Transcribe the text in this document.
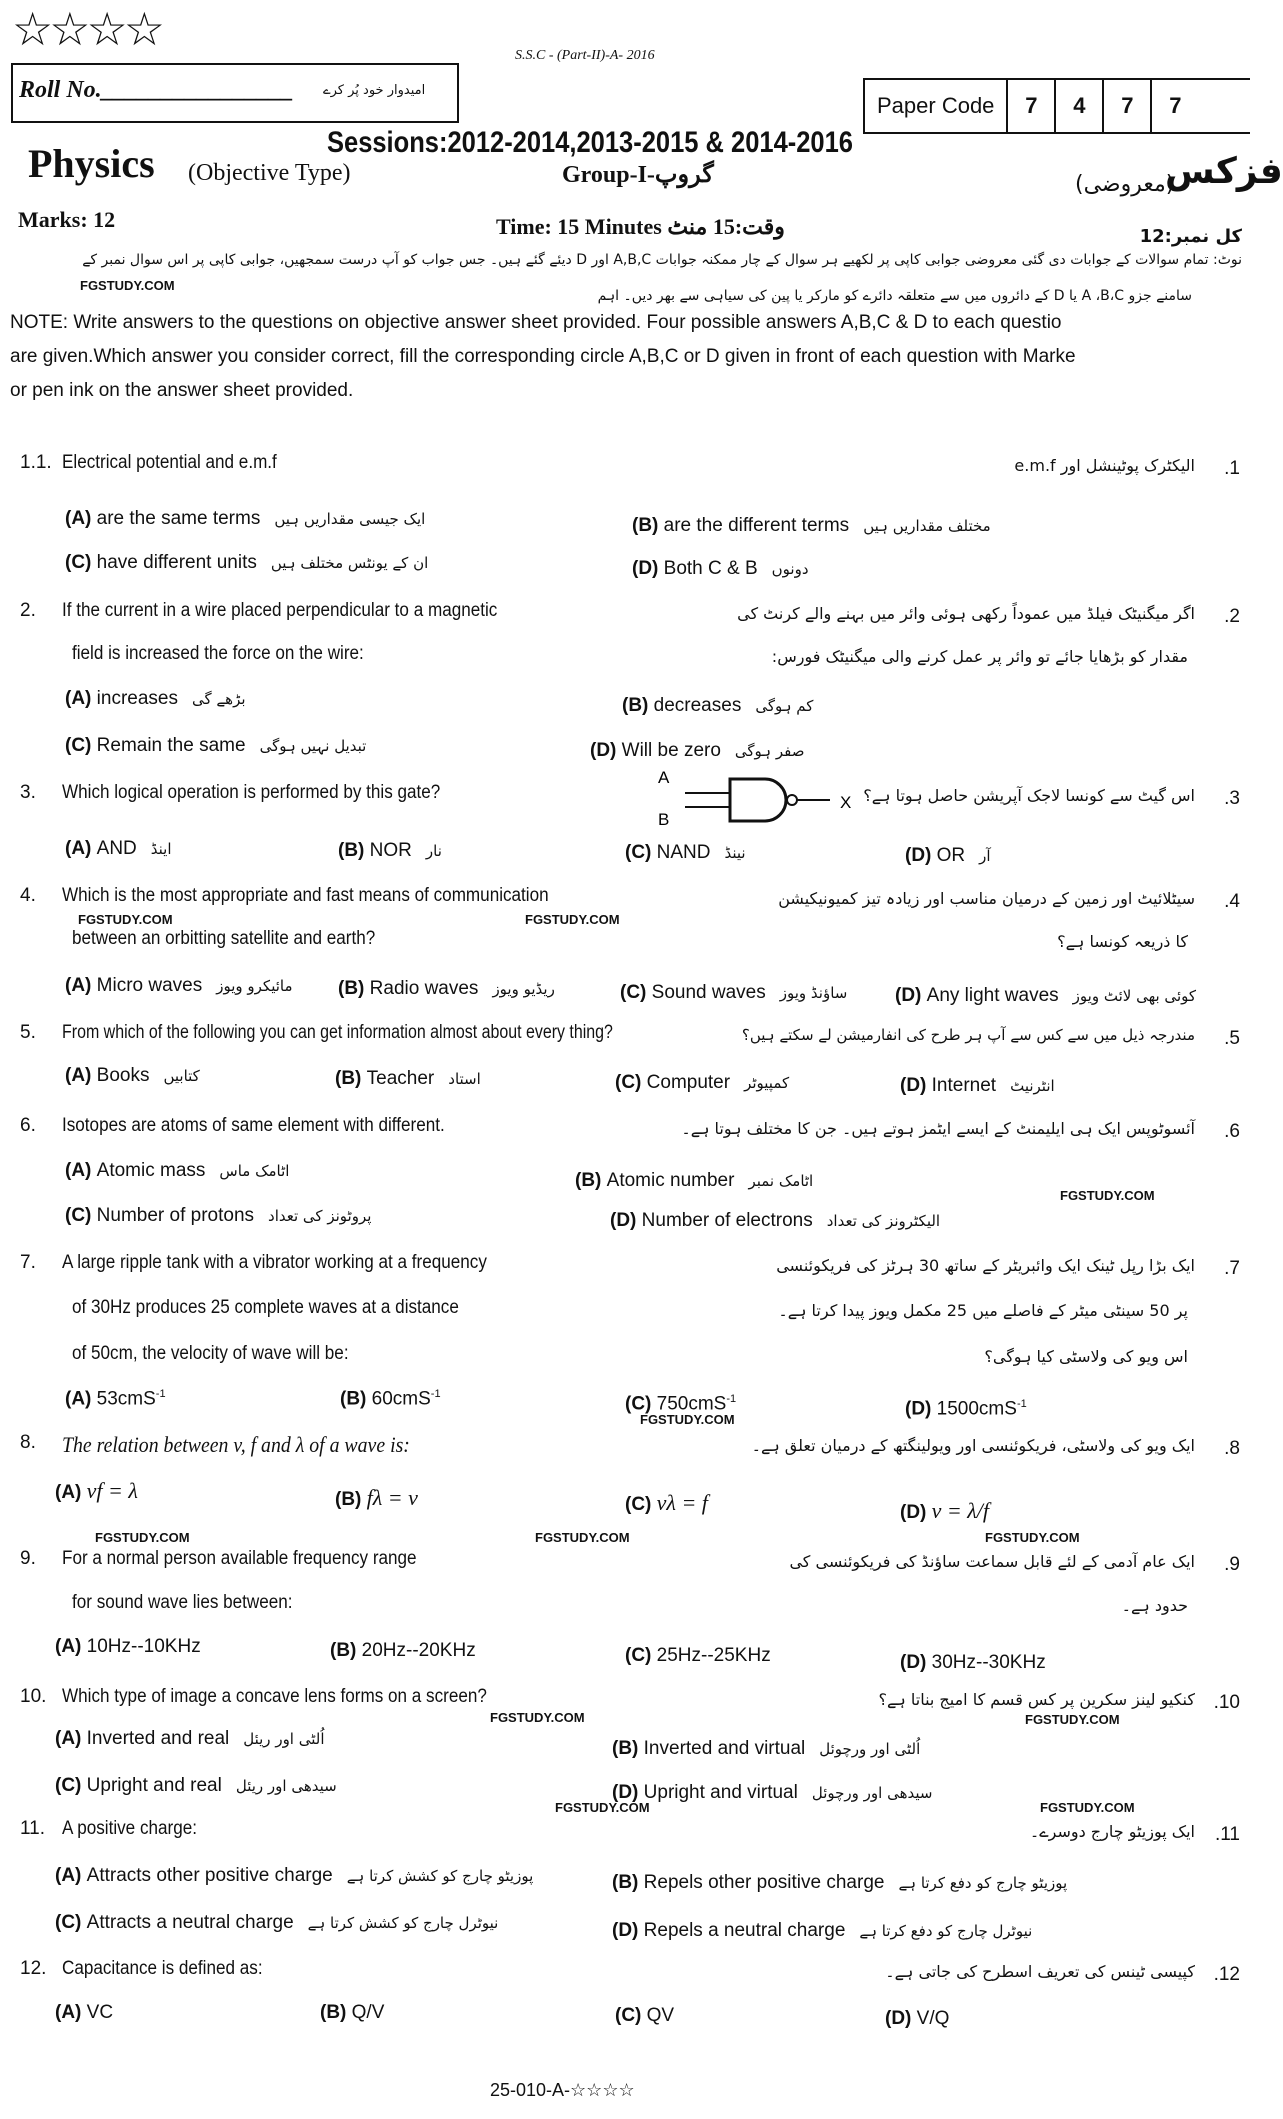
☆☆☆☆
S.S.C - (Part-II)-A- 2016
Roll No.________________ امیدوار خود پُر کرے
Paper Code	7	4	7	7
Sessions:2012-2014,2013-2015 & 2014-2016
Physics (Objective Type)	Group-I-گروپ	(معروضی)
فزکس
Marks: 12	Time: 15 Minutes وقت:15 منٹ	کل نمبر:12
نوٹ: تمام سوالات کے جوابات دی گئی معروضی جوابی کاپی پر لکھیے ہر سوال کے چار ممکنہ جوابات A,B,C اور D دیئے گئے ہیں۔ جس جواب کو آپ درست سمجھیں، جوابی کاپی پر اس سوال نمبر کے
سامنے جزو A ،B،C یا D کے دائروں میں سے متعلقہ دائرے کو مارکر یا پین کی سیاہی سے بھر دیں۔ اہم
FGSTUDY.COM
NOTE: Write answers to the questions on objective answer sheet provided. Four possible answers A,B,C & D to each questio
are given.Which answer you consider correct, fill the corresponding circle A,B,C or D given in front of each question with Marke
or pen ink on the answer sheet provided.
1.1. Electrical potential and e.m.f	الیکٹرک پوٹینشل اور e.m.f .1
(A) are the same terms ایک جیسی مقداریں ہیں	(B) are the different terms مختلف مقداریں ہیں
(C) have different units ان کے یونٹس مختلف ہیں	(D) Both C & B دونوں
2. If the current in a wire placed perpendicular to a magnetic
field is increased the force on the wire:
اگر میگنیٹک فیلڈ میں عموداً رکھی ہوئی وائر میں بہنے والے کرنٹ کی
مقدار کو بڑھایا جائے تو وائر پر عمل کرنے والی میگنیٹک فورس:
.2
(A) increases بڑھے گی	(B) decreases کم ہوگی
(C) Remain the same تبدیل نہیں ہوگی	(D) Will be zero صفر ہوگی
3. Which logical operation is performed by this gate?	اس گیٹ سے کونسا لاجک آپریشن حاصل ہوتا ہے؟ .3
(A) AND اینڈ	(B) NOR نار	(C) NAND نینڈ	(D) OR آر
A
B
X
4. Which is the most appropriate and fast means of communication
between an orbitting satellite and earth?
سیٹلائیٹ اور زمین کے درمیان مناسب اور زیادہ تیز کمیونیکیشن
کا ذریعہ کونسا ہے؟
.4
(A) Micro waves مائیکرو ویوز (B) Radio waves ریڈیو ویوز	(C) Sound waves ساؤنڈ ویوز	(D) Any light waves کوئی بھی لائٹ ویوز
5. From which of the following you can get information almost about every thing?	مندرجہ ذیل میں سے کس سے آپ ہر طرح کی انفارمیشن لے سکتے ہیں؟ .5
(A) Books کتابیں	(B) Teacher استاد	(C) Computer کمپیوٹر	(D) Internet انٹرنیٹ
6. Isotopes are atoms of same element with different.	آئسوٹوپس ایک ہی ایلیمنٹ کے ایسے ایٹمز ہوتے ہیں۔ جن کا مختلف ہوتا ہے۔ .6
(A) Atomic mass اٹامک ماس	(B) Atomic number اٹامک نمبر
(C) Number of protons پروٹونز کی تعداد	(D) Number of electrons الیکٹرونز کی تعداد
7. A large ripple tank with a vibrator working at a frequency
of 30Hz produces 25 complete waves at a distance
of 50cm, the velocity of wave will be:
ایک بڑا رپل ٹینک ایک وائبریٹر کے ساتھ 30 ہرٹز کی فریکوئنسی
پر 50 سینٹی میٹر کے فاصلے میں 25 مکمل ویوز پیدا کرتا ہے۔
اس ویو کی ولاسٹی کیا ہوگی؟
.7
(A) 53cmS$^{-1}$	(B) 60cmS$^{-1}$	(C) 750cmS$^{-1}$	(D) 1500cmS$^{-1}$
8. The relation between v, f and λ of a wave is:	ایک ویو کی ولاسٹی، فریکوئنسی اور ویولینگتھ کے درمیان تعلق ہے۔ .8
(A) vf = λ	(B) fλ = v	(C) vλ = f	(D) v = λ/f
9. For a normal person available frequency range
for sound wave lies between:
ایک عام آدمی کے لئے قابل سماعت ساؤنڈ کی فریکوئنسی کی
حدود ہے۔
.9
(A) 10Hz--10KHz	(B) 20Hz--20KHz	(C) 25Hz--25KHz	(D) 30Hz--30KHz
10. Which type of image a concave lens forms on a screen?	کنکیو لینز سکرین پر کس قسم کا امیج بناتا ہے؟ .10
(A) Inverted and real اُلٹی اور ریئل	(B) Inverted and virtual اُلٹی اور ورچوئل
(C) Upright and real سیدھی اور ریئل	(D) Upright and virtual سیدھی اور ورچوئل
11. A positive charge:	ایک پوزیٹو چارج دوسرے۔ .11
(A) Attracts other positive charge پوزیٹو چارج کو کشش کرتا ہے	(B) Repels other positive charge پوزیٹو چارج کو دفع کرتا ہے
(C) Attracts a neutral charge نیوٹرل چارج کو کشش کرتا ہے	(D) Repels a neutral charge نیوٹرل چارج کو دفع کرتا ہے
12. Capacitance is defined as:	کپیسی ٹینس کی تعریف اسطرح کی جاتی ہے۔ .12
(A) VC	(B) Q/V	(C) QV	(D) V/Q
FGSTUDY.COM	FGSTUDY.COM
FGSTUDY.COM
FGSTUDY.COM
FGSTUDY.COM	FGSTUDY.COM	FGSTUDY.COM
FGSTUDY.COM	FGSTUDY.COM
FGSTUDY.COM	FGSTUDY.COM
25-010-A-☆☆☆☆
